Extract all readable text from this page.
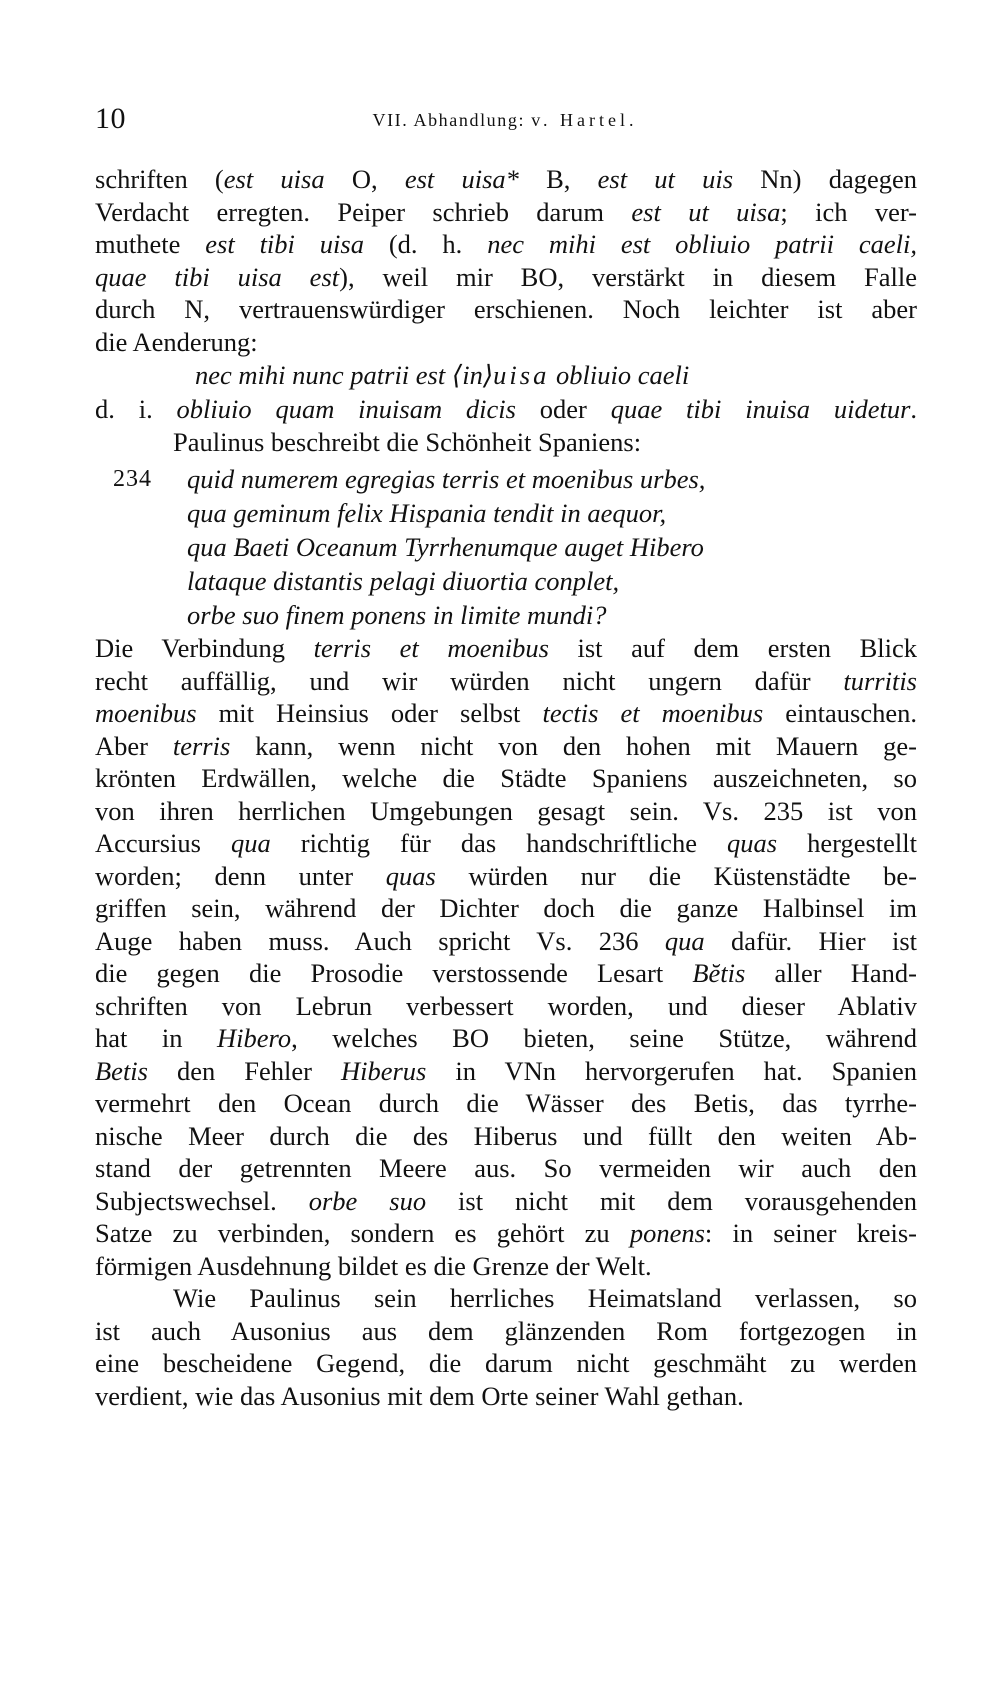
10	VII. Abhandlung: v. Hartel.

schriften (est uisa O, est uisa* B, est ut uis Nn) dagegen
Verdacht erregten. Peiper schrieb darum est ut uisa; ich ver-
muthete est tibi uisa (d. h. nec mihi est obliuio patrii caeli,
quae tibi uisa est), weil mir BO, verstärkt in diesem Falle
durch N, vertrauenswürdiger erschienen. Noch leichter ist aber
die Aenderung:

nec mihi nunc patrii est ⟨in⟩uisa obliuio caeli
d. i. obliuio quam inuisam dicis oder quae tibi inuisa uidetur.
Paulinus beschreibt die Schönheit Spaniens:
234	quid numerem egregias terris et moenibus urbes,
qua geminum felix Hispania tendit in aequor,
qua Baeti Oceanum Tyrrhenumque auget Hibero
lataque distantis pelagi diuortia conplet,
orbe suo finem ponens in limite mundi?

Die Verbindung terris et moenibus ist auf dem ersten Blick
recht auffällig, und wir würden nicht ungern dafür turritis
moenibus mit Heinsius oder selbst tectis et moenibus eintauschen.
Aber terris kann, wenn nicht von den hohen mit Mauern ge-
krönten Erdwällen, welche die Städte Spaniens auszeichneten, so
von ihren herrlichen Umgebungen gesagt sein. Vs. 235 ist von
Accursius qua richtig für das handschriftliche quas hergestellt
worden; denn unter quas würden nur die Küstenstädte be-
griffen sein, während der Dichter doch die ganze Halbinsel im
Auge haben muss. Auch spricht Vs. 236 qua dafür. Hier ist
die gegen die Prosodie verstossende Lesart Bĕtis aller Hand-
schriften von Lebrun verbessert worden, und dieser Ablativ
hat in Hibero, welches BO bieten, seine Stütze, während
Betis den Fehler Hiberus in VNn hervorgerufen hat. Spanien
vermehrt den Ocean durch die Wässer des Betis, das tyrrhe-
nische Meer durch die des Hiberus und füllt den weiten Ab-
stand der getrennten Meere aus. So vermeiden wir auch den
Subjectswechsel. orbe suo ist nicht mit dem vorausgehenden
Satze zu verbinden, sondern es gehört zu ponens: in seiner kreis-
förmigen Ausdehnung bildet es die Grenze der Welt.

Wie Paulinus sein herrliches Heimatsland verlassen, so
ist auch Ausonius aus dem glänzenden Rom fortgezogen in
eine bescheidene Gegend, die darum nicht geschmäht zu werden
verdient, wie das Ausonius mit dem Orte seiner Wahl gethan.
